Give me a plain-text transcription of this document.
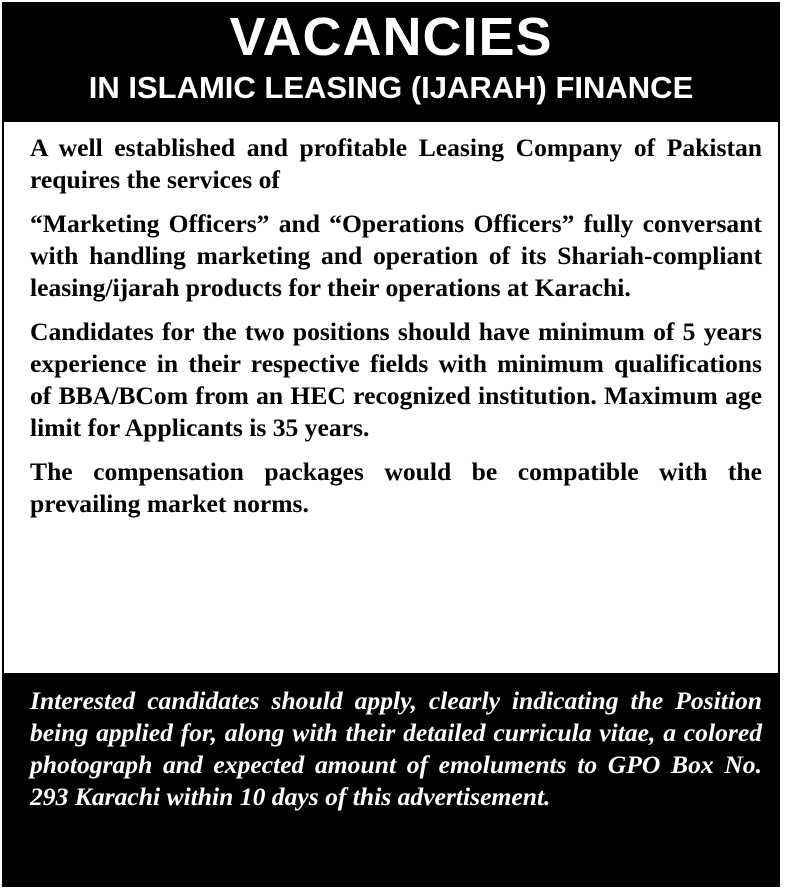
VACANCIES
IN ISLAMIC LEASING (IJARAH) FINANCE

A well established and profitable Leasing Company of Pakistan requires the services of

“Marketing Officers” and “Operations Officers” fully conversant with handling marketing and operation of its Shariah-compliant leasing/ijarah products for their operations at Karachi.

Candidates for the two positions should have minimum of 5 years experience in their respective fields with minimum qualifications of BBA/BCom from an HEC recognized institution. Maximum age limit for Applicants is 35 years.

The compensation packages would be compatible with the prevailing market norms.

Interested candidates should apply, clearly indicating the Position being applied for, along with their detailed curricula vitae, a colored photograph and expected amount of emoluments to GPO Box No. 293 Karachi within 10 days of this advertisement.
